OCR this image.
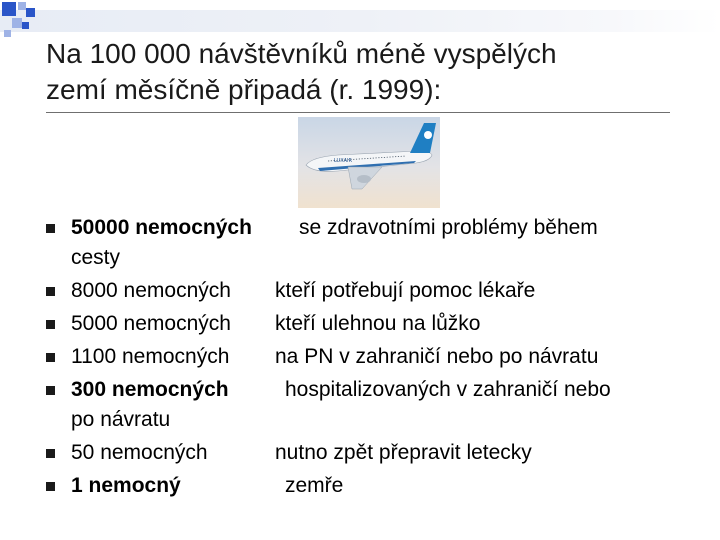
Na 100 000 návštěvníků méně vyspělých
zemí měsíčně připadá (r. 1999):
LUXAIR
50000 nemocných se zdravotními problémy během
cesty
8000 nemocných kteří potřebují pomoc lékaře
5000 nemocných kteří ulehnou na lůžko
1100 nemocných na PN v zahraničí nebo po návratu
300 nemocných	hospitalizovaných v zahraničí nebo
po návratu
50 nemocných	nutno zpět přepravit letecky
1 nemocný	zemře
